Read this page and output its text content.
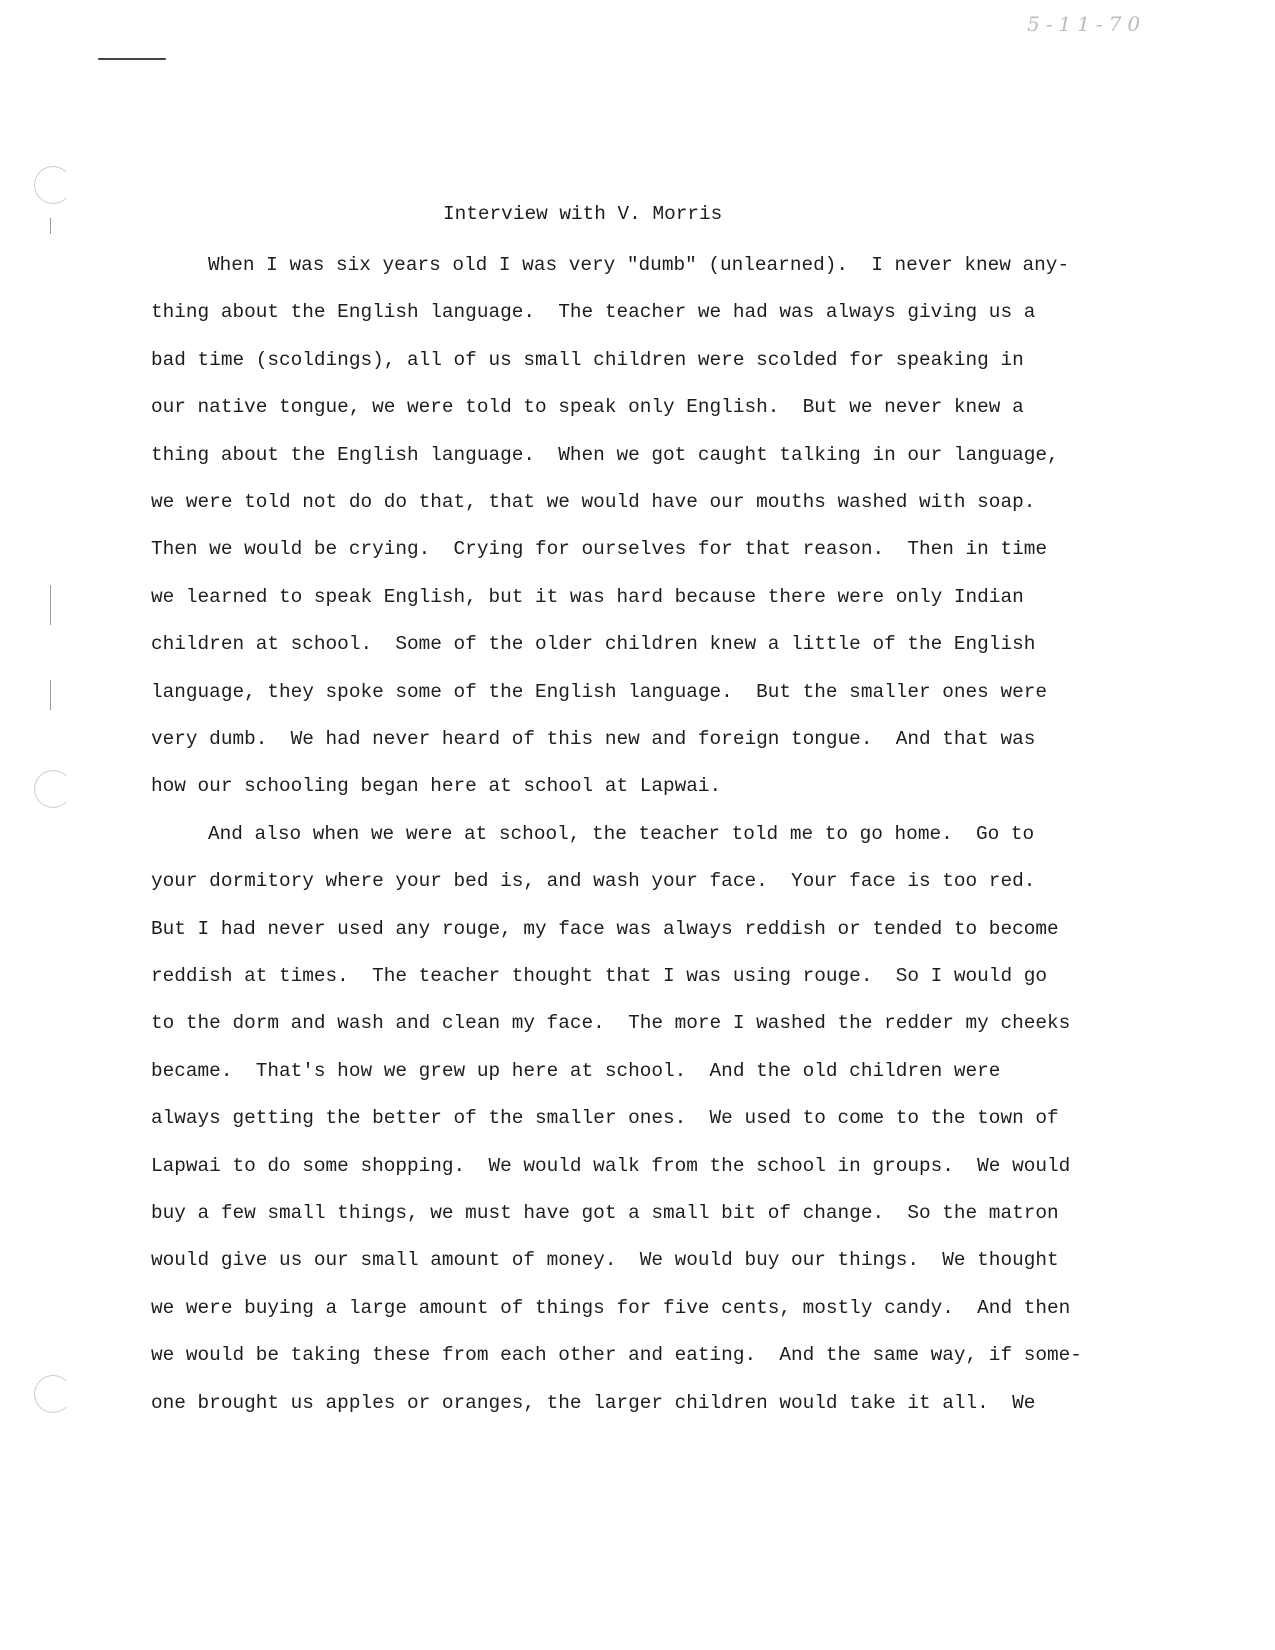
5-11-70
Interview with V. Morris
When I was six years old I was very "dumb" (unlearned).  I never knew any-
thing about the English language.  The teacher we had was always giving us a
bad time (scoldings), all of us small children were scolded for speaking in
our native tongue, we were told to speak only English.  But we never knew a
thing about the English language.  When we got caught talking in our language,
we were told not do do that, that we would have our mouths washed with soap.
Then we would be crying.  Crying for ourselves for that reason.  Then in time
we learned to speak English, but it was hard because there were only Indian
children at school.  Some of the older children knew a little of the English
language, they spoke some of the English language.  But the smaller ones were
very dumb.  We had never heard of this new and foreign tongue.  And that was
how our schooling began here at school at Lapwai.
And also when we were at school, the teacher told me to go home.  Go to
your dormitory where your bed is, and wash your face.  Your face is too red.
But I had never used any rouge, my face was always reddish or tended to become
reddish at times.  The teacher thought that I was using rouge.  So I would go
to the dorm and wash and clean my face.  The more I washed the redder my cheeks
became.  That's how we grew up here at school.  And the old children were
always getting the better of the smaller ones.  We used to come to the town of
Lapwai to do some shopping.  We would walk from the school in groups.  We would
buy a few small things, we must have got a small bit of change.  So the matron
would give us our small amount of money.  We would buy our things.  We thought
we were buying a large amount of things for five cents, mostly candy.  And then
we would be taking these from each other and eating.  And the same way, if some-
one brought us apples or oranges, the larger children would take it all.  We
